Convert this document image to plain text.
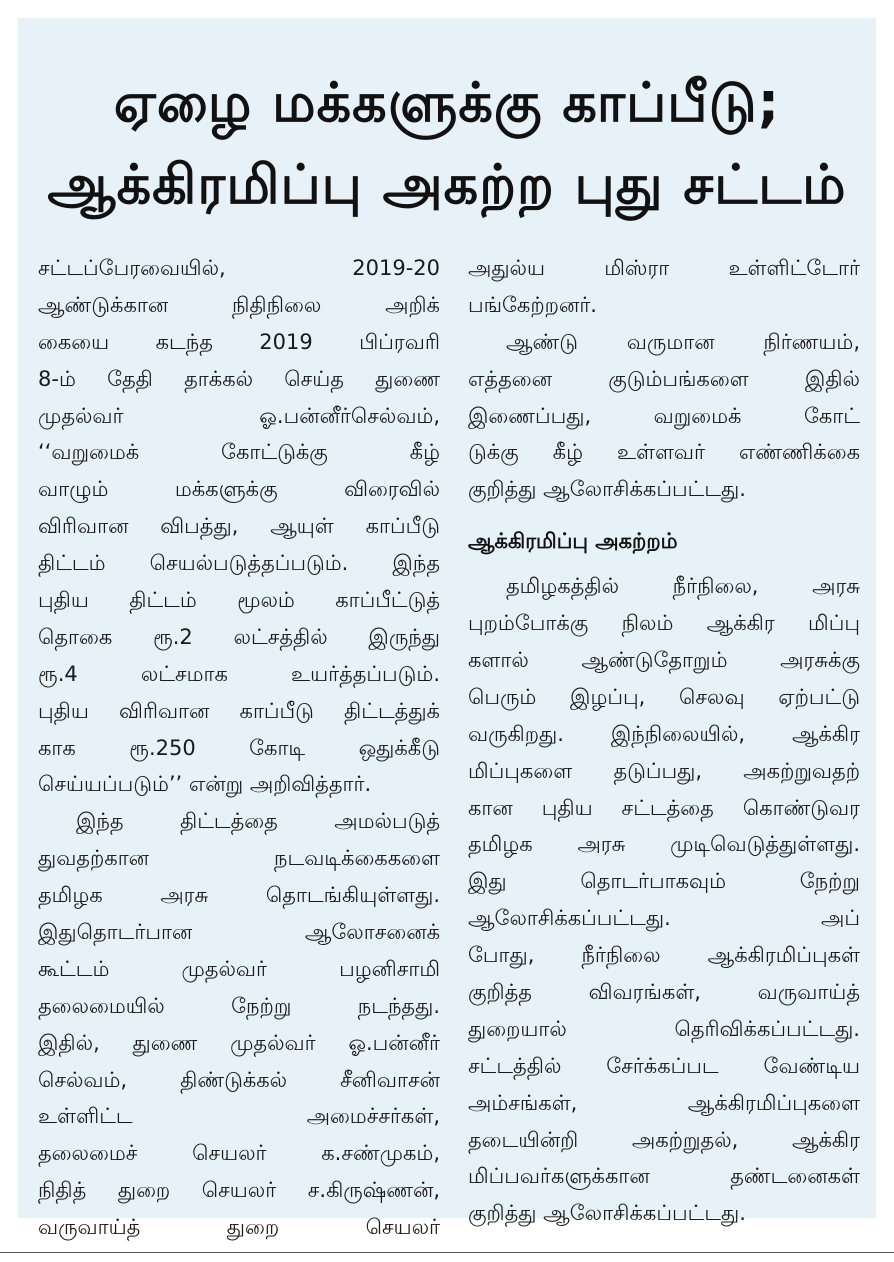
ஏழை மக்களுக்கு காப்பீடு;
ஆக்கிரமிப்பு அகற்ற புது சட்டம்
சட்டப்பேரவையில், 2019-20
ஆண்டுக்கான நிதிநிலை அறிக்
கையை கடந்த 2019 பிப்ரவரி
8-ம் தேதி தாக்கல் செய்த துணை
முதல்வர் ஓ.பன்னீர்செல்வம்,
‘‘வறுமைக் கோட்டுக்கு கீழ்
வாழும் மக்களுக்கு விரைவில்
விரிவான விபத்து, ஆயுள் காப்பீடு
திட்டம் செயல்படுத்தப்படும். இந்த
புதிய திட்டம் மூலம் காப்பீட்டுத்
தொகை ரூ.2 லட்சத்தில் இருந்து
ரூ.4 லட்சமாக உயர்த்தப்படும்.
புதிய விரிவான காப்பீடு திட்டத்துக்
காக ரூ.250 கோடி ஒதுக்கீடு
செய்யப்படும்’’ என்று அறிவித்தார்.
இந்த திட்டத்தை அமல்படுத்
துவதற்கான நடவடிக்கைகளை
தமிழக அரசு தொடங்கியுள்ளது.
இதுதொடர்பான ஆலோசனைக்
கூட்டம் முதல்வர் பழனிசாமி
தலைமையில் நேற்று நடந்தது.
இதில், துணை முதல்வர் ஓ.பன்னீர்
செல்வம், திண்டுக்கல் சீனிவாசன்
உள்ளிட்ட அமைச்சர்கள்,
தலைமைச் செயலர் க.சண்முகம்,
நிதித் துறை செயலர் ச.கிருஷ்ணன்,
வருவாய்த் துறை செயலர்
அதுல்ய மிஸ்ரா உள்ளிட்டோர்
பங்கேற்றனர்.
ஆண்டு வருமான நிர்ணயம்,
எத்தனை குடும்பங்களை இதில்
இணைப்பது, வறுமைக் கோட்
டுக்கு கீழ் உள்ளவர் எண்ணிக்கை
குறித்து ஆலோசிக்கப்பட்டது.
ஆக்கிரமிப்பு அகற்றம்
தமிழகத்தில் நீர்நிலை, அரசு
புறம்போக்கு நிலம் ஆக்கிர மிப்பு
களால் ஆண்டுதோறும் அரசுக்கு
பெரும் இழப்பு, செலவு ஏற்பட்டு
வருகிறது. இந்நிலையில், ஆக்கிர
மிப்புகளை தடுப்பது, அகற்றுவதற்
கான புதிய சட்டத்தை கொண்டுவர
தமிழக அரசு முடிவெடுத்துள்ளது.
இது தொடர்பாகவும் நேற்று
ஆலோசிக்கப்பட்டது. அப்
போது, நீர்நிலை ஆக்கிரமிப்புகள்
குறித்த விவரங்கள், வருவாய்த்
துறையால் தெரிவிக்கப்பட்டது.
சட்டத்தில் சேர்க்கப்பட வேண்டிய
அம்சங்கள், ஆக்கிரமிப்புகளை
தடையின்றி அகற்றுதல், ஆக்கிர
மிப்பவர்களுக்கான தண்டனைகள்
குறித்து ஆலோசிக்கப்பட்டது.
